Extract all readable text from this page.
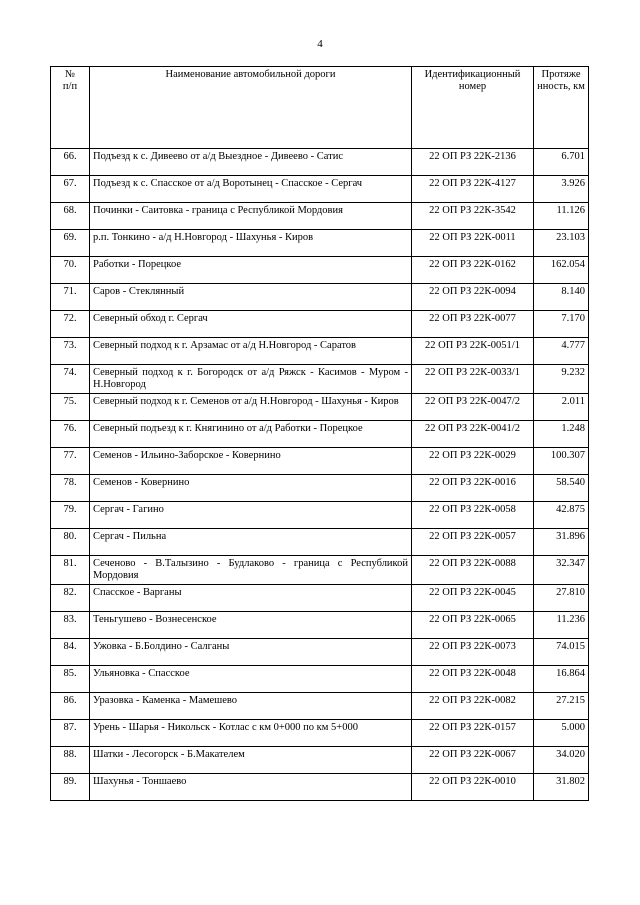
4
№
п/п	Наименование автомобильной дороги	Идентификационный номер	Протяже нность, км
66.	Подъезд к с. Дивеево от а/д Выездное - Дивеево - Сатис	22 ОП РЗ 22К-2136	6.701
67.	Подъезд к с. Спасское от а/д Воротынец - Спасское - Сергач	22 ОП РЗ 22К-4127	3.926
68.	Починки - Саитовка - граница с Республикой Мордовия	22 ОП РЗ 22К-3542	11.126
69.	р.п. Тонкино - а/д Н.Новгород - Шахунья - Киров	22 ОП РЗ 22К-0011	23.103
70.	Работки - Порецкое	22 ОП РЗ 22К-0162	162.054
71.	Саров - Стеклянный	22 ОП РЗ 22К-0094	8.140
72.	Северный обход г. Сергач	22 ОП РЗ 22К-0077	7.170
73.	Северный подход к г. Арзамас от а/д Н.Новгород - Саратов	22 ОП РЗ 22К-0051/1	4.777
74.	Северный подход к г. Богородск от а/д Ряжск - Касимов - Муром - Н.Новгород	22 ОП РЗ 22К-0033/1	9.232
75.	Северный подход к г. Семенов от а/д Н.Новгород - Шахунья - Киров	22 ОП РЗ 22К-0047/2	2.011
76.	Северный подъезд к г. Княгинино от а/д Работки - Порецкое	22 ОП РЗ 22К-0041/2	1.248
77.	Семенов - Ильино-Заборское - Ковернино	22 ОП РЗ 22К-0029	100.307
78.	Семенов - Ковернино	22 ОП РЗ 22К-0016	58.540
79.	Сергач - Гагино	22 ОП РЗ 22К-0058	42.875
80.	Сергач - Пильна	22 ОП РЗ 22К-0057	31.896
81.	Сеченово - В.Талызино - Будлаково - граница с Республикой Мордовия	22 ОП РЗ 22К-0088	32.347
82.	Спасское - Варганы	22 ОП РЗ 22К-0045	27.810
83.	Теньгушево - Вознесенское	22 ОП РЗ 22К-0065	11.236
84.	Ужовка - Б.Болдино - Салганы	22 ОП РЗ 22К-0073	74.015
85.	Ульяновка - Спасское	22 ОП РЗ 22К-0048	16.864
86.	Уразовка - Каменка - Мамешево	22 ОП РЗ 22К-0082	27.215
87.	Урень - Шарья - Никольск - Котлас с км 0+000 по км 5+000	22 ОП РЗ 22К-0157	5.000
88.	Шатки - Лесогорск - Б.Макателем	22 ОП РЗ 22К-0067	34.020
89.	Шахунья - Тоншаево	22 ОП РЗ 22К-0010	31.802
